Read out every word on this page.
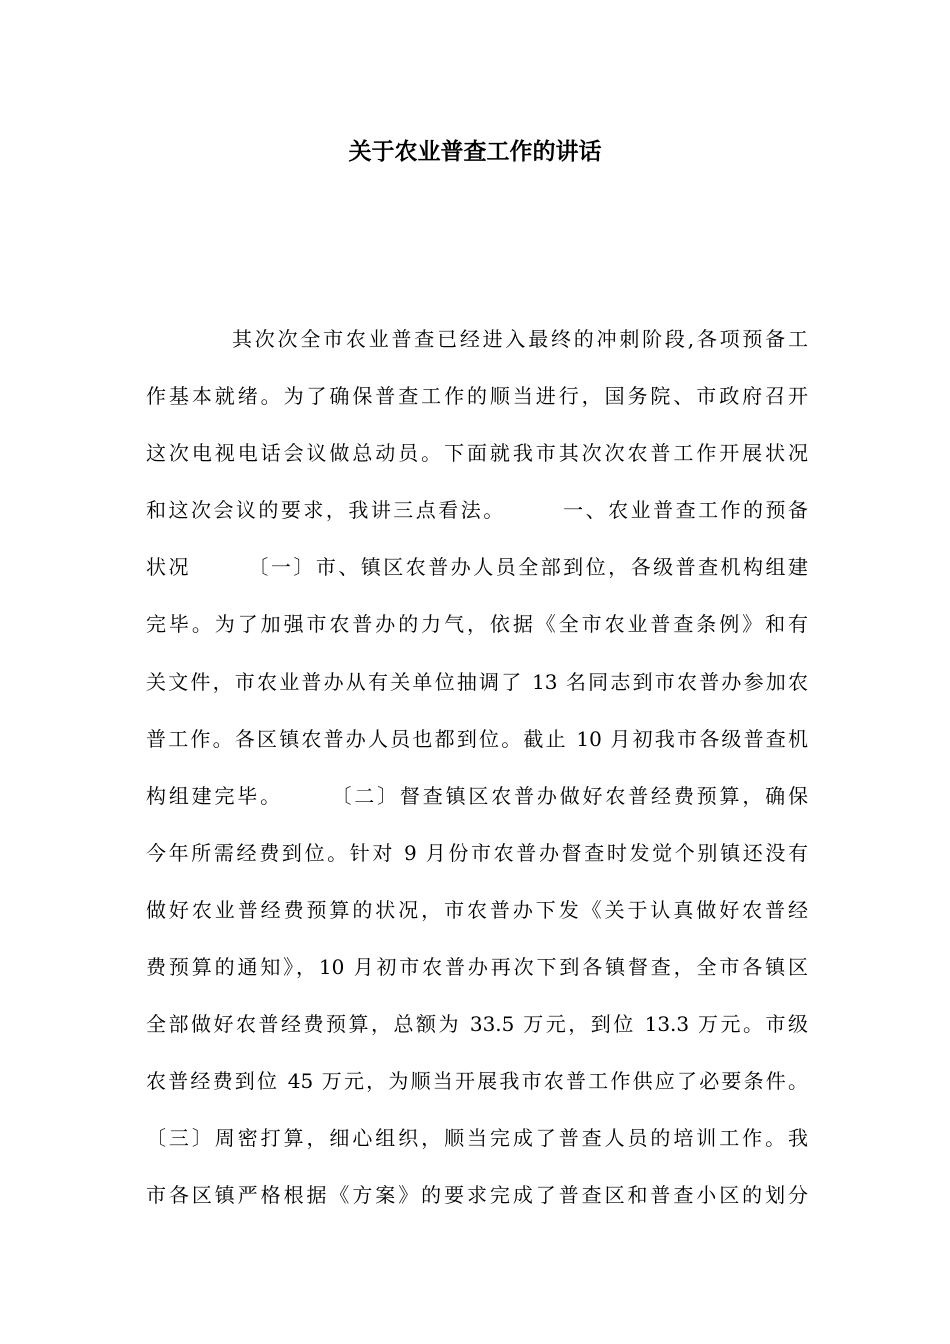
关于农业普查工作的讲话
其次次全市农业普查已经进入最终的冲刺阶段,各项预备工
作基本就绪。为了确保普查工作的顺当进行，国务院、市政府召开
这次电视电话会议做总动员。下面就我市其次次农普工作开展状况
和这次会议的要求，我讲三点看法。　　　一、农业普查工作的预备
状况　　　〔一〕市、镇区农普办人员全部到位，各级普查机构组建
完毕。为了加强市农普办的力气，依据《全市农业普查条例》和有
关文件，市农业普办从有关单位抽调了 13 名同志到市农普办参加农
普工作。各区镇农普办人员也都到位。截止 10 月初我市各级普查机
构组建完毕。　　　〔二〕督查镇区农普办做好农普经费预算，确保
今年所需经费到位。针对 9 月份市农普办督查时发觉个别镇还没有
做好农业普经费预算的状况，市农普办下发《关于认真做好农普经
费预算的通知》，10 月初市农普办再次下到各镇督查，全市各镇区
全部做好农普经费预算，总额为 33.5 万元，到位 13.3 万元。市级
农普经费到位 45 万元，为顺当开展我市农普工作供应了必要条件。
〔三〕周密打算，细心组织，顺当完成了普查人员的培训工作。我
市各区镇严格根据《方案》的要求完成了普查区和普查小区的划分
